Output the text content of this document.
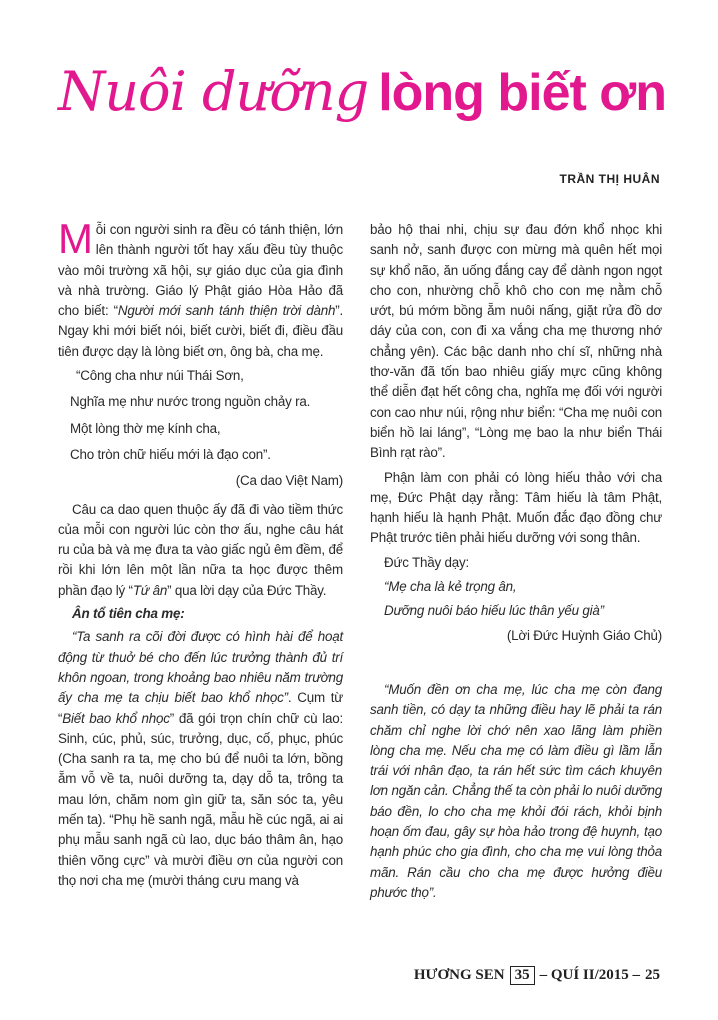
Nuôi dưỡng lòng biết ơn
TRẦN THỊ HUÂN

Mỗi con người sinh ra đều có tánh thiện, lớn lên thành người tốt hay xấu đều tùy thuộc vào môi trường xã hội, sự giáo dục của gia đình và nhà trường. Giáo lý Phật giáo Hòa Hảo đã cho biết: “Người mới sanh tánh thiện trời dành”. Ngay khi mới biết nói, biết cười, biết đi, điều đầu tiên được dạy là lòng biết ơn, ông bà, cha mẹ.

“Công cha như núi Thái Sơn,

Nghĩa mẹ như nước trong nguồn chảy ra.

Một lòng thờ mẹ kính cha,

Cho tròn chữ hiếu mới là đạo con”.

(Ca dao Việt Nam)

Câu ca dao quen thuộc ấy đã đi vào tiềm thức của mỗi con người lúc còn thơ ấu, nghe câu hát ru của bà và mẹ đưa ta vào giấc ngủ êm đềm, để rồi khi lớn lên một lần nữa ta học được thêm phần đạo lý “Tứ ân” qua lời dạy của Đức Thầy.

Ân tổ tiên cha mẹ:

“Ta sanh ra cõi đời được có hình hài để hoạt động từ thuở bé cho đến lúc trưởng thành đủ trí khôn ngoan, trong khoảng bao nhiêu năm trường ấy cha mẹ ta chịu biết bao khổ nhọc”. Cụm từ “Biết bao khổ nhọc” đã gói trọn chín chữ cù lao: Sinh, cúc, phủ, súc, trưởng, dục, cố, phục, phúc (Cha sanh ra ta, mẹ cho bú để nuôi ta lớn, bồng ẵm vỗ về ta, nuôi dưỡng ta, dạy dỗ ta, trông ta mau lớn, chăm nom gìn giữ ta, săn sóc ta, yêu mến ta). “Phụ hề sanh ngã, mẫu hề cúc ngã, ai ai phụ mẫu sanh ngã cù lao, dục báo thâm ân, hạo thiên võng cực” và mười điều ơn của người con thọ nơi cha mẹ (mười tháng cưu mang và

bảo hộ thai nhi, chịu sự đau đớn khổ nhọc khi sanh nở, sanh được con mừng mà quên hết mọi sự khổ não, ăn uống đắng cay để dành ngon ngọt cho con, nhường chỗ khô cho con mẹ nằm chỗ ướt, bú mớm bồng ẵm nuôi nấng, giặt rửa đồ dơ dáy của con, con đi xa vắng cha mẹ thương nhớ chẳng yên). Các bậc danh nho chí sĩ, những nhà thơ-văn đã tốn bao nhiêu giấy mực cũng không thể diễn đạt hết công cha, nghĩa mẹ đối với người con cao như núi, rộng như biển: “Cha mẹ nuôi con biển hồ lai láng”, “Lòng mẹ bao la như biển Thái Bình rạt rào”.

Phận làm con phải có lòng hiếu thảo với cha mẹ, Đức Phật dạy rằng: Tâm hiếu là tâm Phật, hạnh hiếu là hạnh Phật. Muốn đắc đạo đồng chư Phật trước tiên phải hiếu dưỡng với song thân.

Đức Thầy dạy:

“Mẹ cha là kẻ trọng ân,

Dưỡng nuôi báo hiếu lúc thân yếu già”

(Lời Đức Huỳnh Giáo Chủ)

“Muốn đền ơn cha mẹ, lúc cha mẹ còn đang sanh tiền, có dạy ta những điều hay lẽ phải ta rán chăm chỉ nghe lời chớ nên xao lãng làm phiền lòng cha mẹ. Nếu cha mẹ có làm điều gì lầm lẫn trái với nhân đạo, ta rán hết sức tìm cách khuyên lơn ngăn cản. Chẳng thế ta còn phải lo nuôi dưỡng báo đền, lo cho cha mẹ khỏi đói rách, khỏi bịnh hoạn ốm đau, gây sự hòa hảo trong đệ huynh, tạo hạnh phúc cho gia đình, cho cha mẹ vui lòng thỏa mãn. Rán cầu cho cha mẹ được hưởng điều phước thọ”.

HƯƠNG SEN 35 – QUÍ II/2015 – 25
